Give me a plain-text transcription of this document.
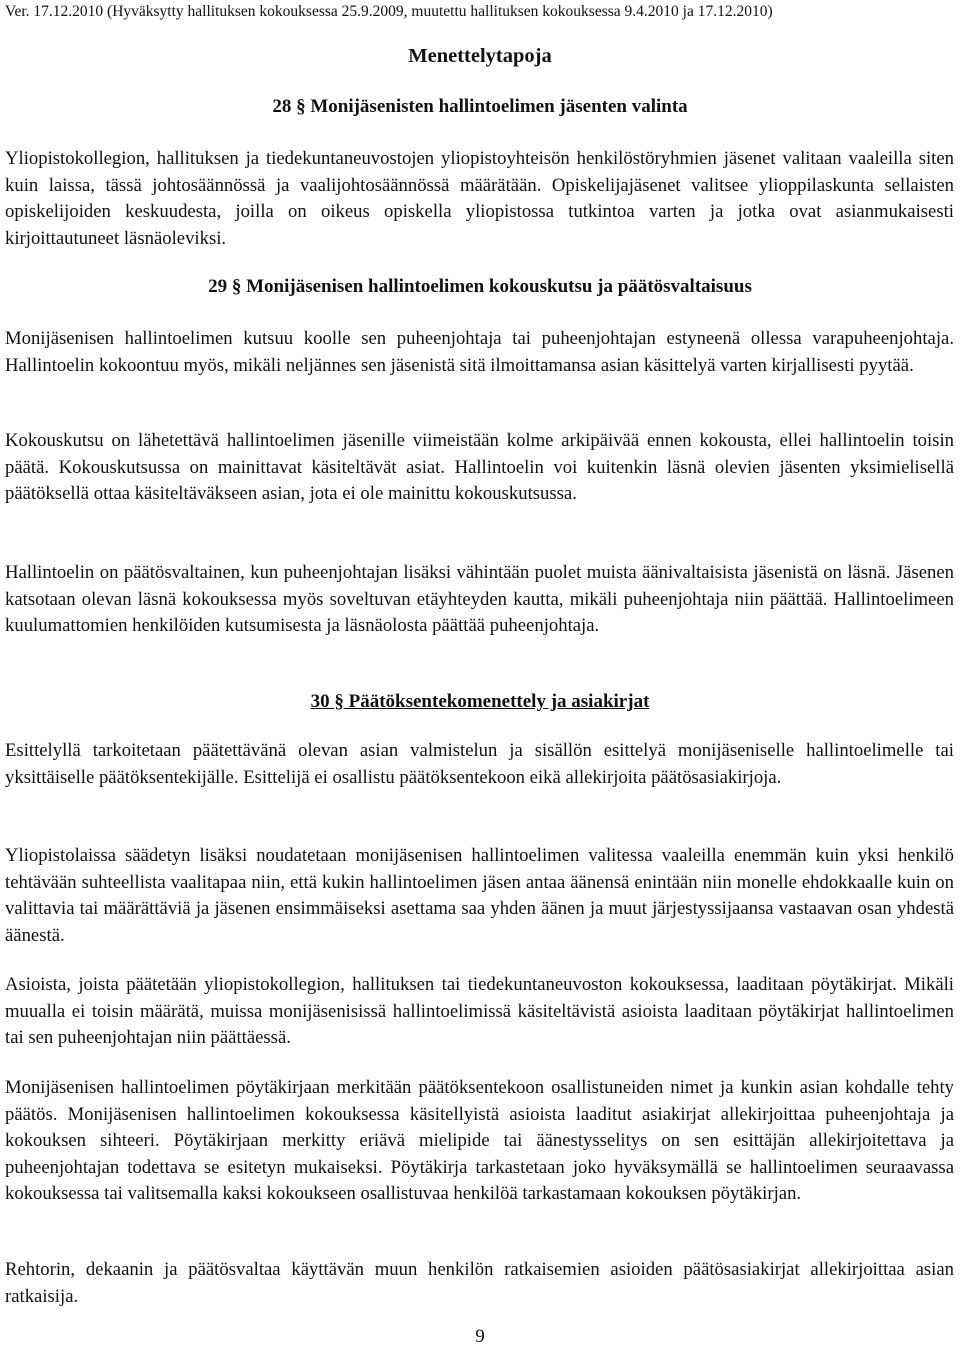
Ver. 17.12.2010 (Hyväksytty hallituksen kokouksessa 25.9.2009, muutettu hallituksen kokouksessa 9.4.2010 ja 17.12.2010)
Menettelytapoja
28 § Monijäsenisten hallintoelimen jäsenten valinta

Yliopistokollegion, hallituksen ja tiedekuntaneuvostojen yliopistoyhteisön henkilöstöryhmien jäsenet valitaan vaaleilla siten kuin laissa, tässä johtosäännössä ja vaalijohtosäännössä määrätään. Opiskelijajäsenet valitsee ylioppilaskunta sellaisten opiskelijoiden keskuudesta, joilla on oikeus opiskella yliopistossa tutkintoa varten ja jotka ovat asianmukaisesti kirjoittautuneet läsnäoleviksi.

29 § Monijäsenisen hallintoelimen kokouskutsu ja päätösvaltaisuus

Monijäsenisen hallintoelimen kutsuu koolle sen puheenjohtaja tai puheenjohtajan estyneenä ollessa varapuheenjohtaja. Hallintoelin kokoontuu myös, mikäli neljännes sen jäsenistä sitä ilmoittamansa asian käsittelyä varten kirjallisesti pyytää.

Kokouskutsu on lähetettävä hallintoelimen jäsenille viimeistään kolme arkipäivää ennen kokousta, ellei hallintoelin toisin päätä. Kokouskutsussa on mainittavat käsiteltävät asiat. Hallintoelin voi kuitenkin läsnä olevien jäsenten yksimielisellä päätöksellä ottaa käsiteltäväkseen asian, jota ei ole mainittu kokouskutsussa.

Hallintoelin on päätösvaltainen, kun puheenjohtajan lisäksi vähintään puolet muista äänivaltaisista jäsenistä on läsnä. Jäsenen katsotaan olevan läsnä kokouksessa myös soveltuvan etäyhteyden kautta, mikäli puheenjohtaja niin päättää. Hallintoelimeen kuulumattomien henkilöiden kutsumisesta ja läsnäolosta päättää puheenjohtaja.

30 § Päätöksentekomenettely ja asiakirjat

Esittelyllä tarkoitetaan päätettävänä olevan asian valmistelun ja sisällön esittelyä monijäseniselle hallintoelimelle tai yksittäiselle päätöksentekijälle. Esittelijä ei osallistu päätöksentekoon eikä allekirjoita päätösasiakirjoja.

Yliopistolaissa säädetyn lisäksi noudatetaan monijäsenisen hallintoelimen valitessa vaaleilla enemmän kuin yksi henkilö tehtävään suhteellista vaalitapaa niin, että kukin hallintoelimen jäsen antaa äänensä enintään niin monelle ehdokkaalle kuin on valittavia tai määrättäviä ja jäsenen ensimmäiseksi asettama saa yhden äänen ja muut järjestyssijaansa vastaavan osan yhdestä äänestä.

Asioista, joista päätetään yliopistokollegion, hallituksen tai tiedekuntaneuvoston kokouksessa, laaditaan pöytäkirjat. Mikäli muualla ei toisin määrätä, muissa monijäsenisissä hallintoelimissä käsiteltävistä asioista laaditaan pöytäkirjat hallintoelimen tai sen puheenjohtajan niin päättäessä.

Monijäsenisen hallintoelimen pöytäkirjaan merkitään päätöksentekoon osallistuneiden nimet ja kunkin asian kohdalle tehty päätös. Monijäsenisen hallintoelimen kokouksessa käsitellyistä asioista laaditut asiakirjat allekirjoittaa puheenjohtaja ja kokouksen sihteeri. Pöytäkirjaan merkitty eriävä mielipide tai äänestysselitys on sen esittäjän allekirjoitettava ja puheenjohtajan todettava se esitetyn mukaiseksi. Pöytäkirja tarkastetaan joko hyväksymällä se hallintoelimen seuraavassa kokouksessa tai valitsemalla kaksi kokoukseen osallistuvaa henkilöä tarkastamaan kokouksen pöytäkirjan.

Rehtorin, dekaanin ja päätösvaltaa käyttävän muun henkilön ratkaisemien asioiden päätösasiakirjat allekirjoittaa asian ratkaisija.

9
